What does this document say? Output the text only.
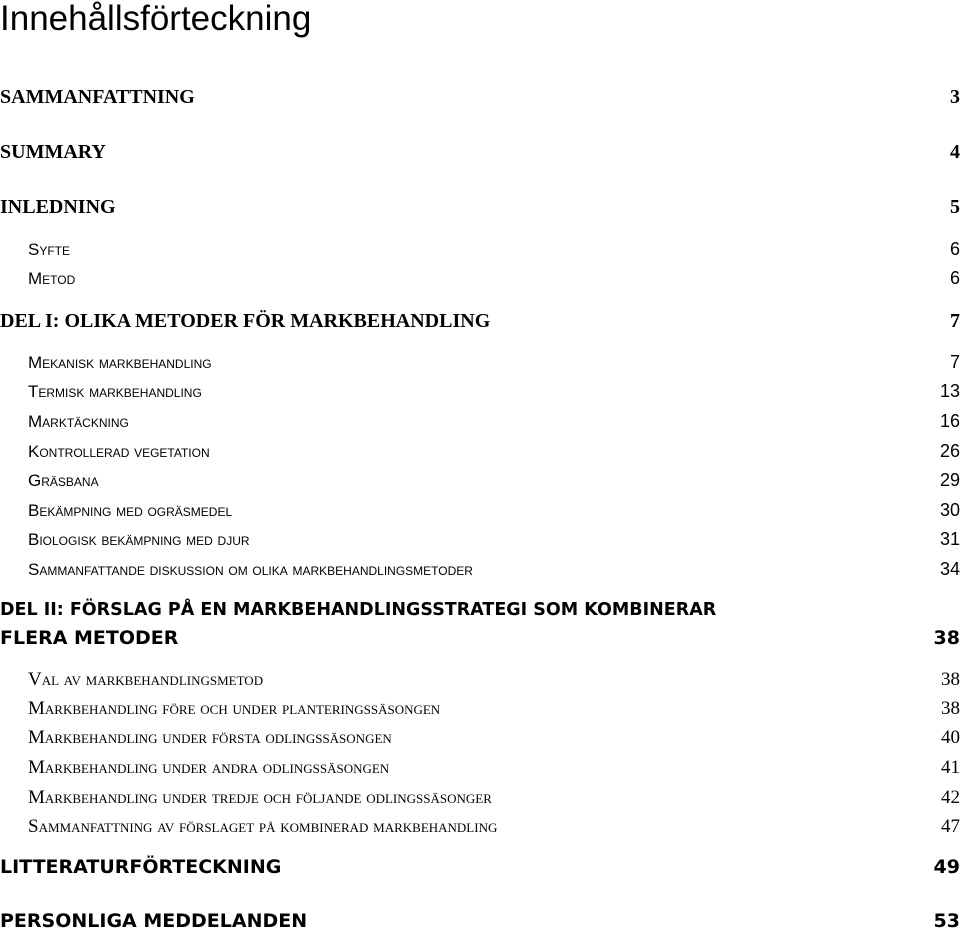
Innehållsförteckning
SAMMANFATTNING	3
SUMMARY	4
INLEDNING	5
Syfte	6
Metod	6
DEL I: OLIKA METODER FÖR MARKBEHANDLING	7
Mekanisk markbehandling	7
Termisk markbehandling	13
Marktäckning	16
Kontrollerad vegetation	26
Gräsbana	29
Bekämpning med ogräsmedel	30
Biologisk bekämpning med djur	31
Sammanfattande diskussion om olika markbehandlingsmetoder	34
DEL II: FÖRSLAG PÅ EN MARKBEHANDLINGSSTRATEGI SOM KOMBINERAR
FLERA METODER	38
Val av markbehandlingsmetod	38
Markbehandling före och under planteringssäsongen	38
Markbehandling under första odlingssäsongen	40
Markbehandling under andra odlingssäsongen	41
Markbehandling under tredje och följande odlingssäsonger	42
Sammanfattning av förslaget på kombinerad markbehandling	47
LITTERATURFÖRTECKNING	49
PERSONLIGA MEDDELANDEN	53
